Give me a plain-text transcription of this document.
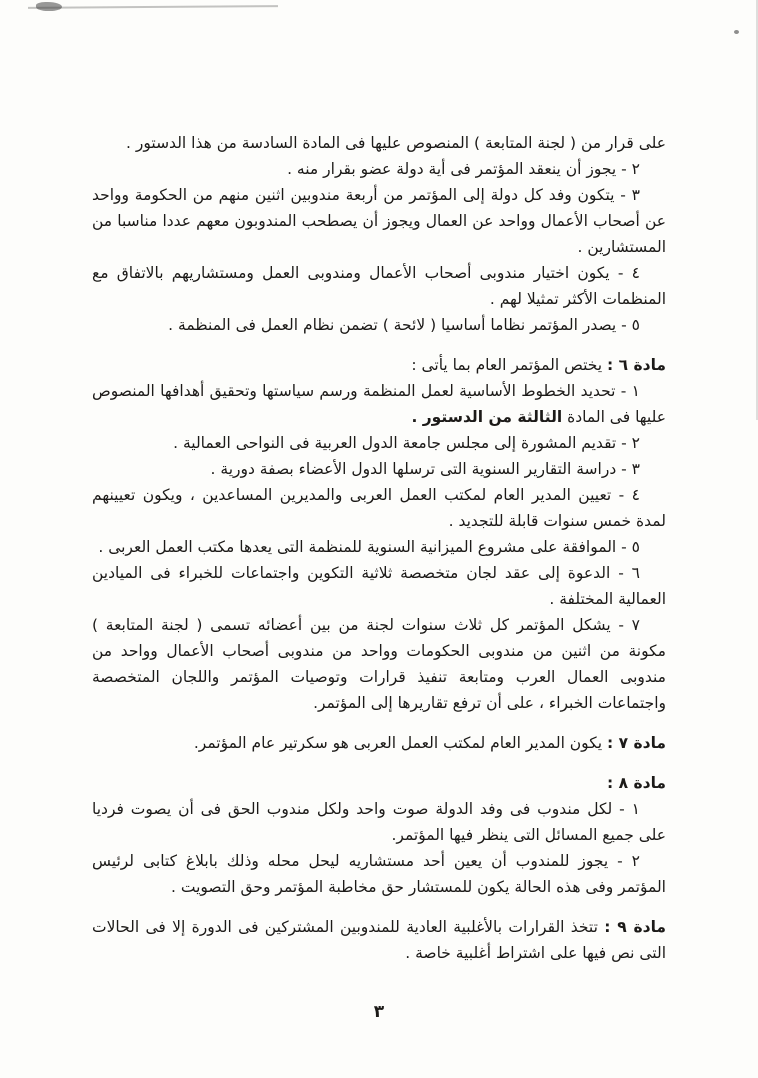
على قرار من ( لجنة المتابعة ) المنصوص عليها فى المادة السادسة من هذا الدستور .

٢ - يجوز أن ينعقد المؤتمر فى أية دولة عضو بقرار منه .

٣ - يتكون وفد كل دولة إلى المؤتمر من أربعة مندوبين اثنين منهم من الحكومة وواحد عن أصحاب الأعمال وواحد عن العمال ويجوز أن يصطحب المندوبون معهم عددا مناسبا من المستشارين .

٤ - يكون اختيار مندوبى أصحاب الأعمال ومندوبى العمل ومستشاريهم بالاتفاق مع المنظمات الأكثر تمثيلا لهم .

٥ - يصدر المؤتمر نظاما أساسيا ( لائحة ) تضمن نظام العمل فى المنظمة .

مادة ٦ : يختص المؤتمر العام بما يأتى :

١ - تحديد الخطوط الأساسية لعمل المنظمة ورسم سياستها وتحقيق أهدافها المنصوص عليها فى المادة الثالثة من الدستور .

٢ - تقديم المشورة إلى مجلس جامعة الدول العربية فى النواحى العمالية .

٣ - دراسة التقارير السنوية التى ترسلها الدول الأعضاء بصفة دورية .

٤ - تعيين المدير العام لمكتب العمل العربى والمديرين المساعدين ، ويكون تعيينهم لمدة خمس سنوات قابلة للتجديد .

٥ - الموافقة على مشروع الميزانية السنوية للمنظمة التى يعدها مكتب العمل العربى .

٦ - الدعوة إلى عقد لجان متخصصة ثلاثية التكوين واجتماعات للخبراء فى الميادين العمالية المختلفة .

٧ - يشكل المؤتمر كل ثلاث سنوات لجنة من بين أعضائه تسمى ( لجنة المتابعة ) مكونة من اثنين من مندوبى الحكومات وواحد من مندوبى أصحاب الأعمال وواحد من مندوبى العمال العرب ومتابعة تنفيذ قرارات وتوصيات المؤتمر واللجان المتخصصة واجتماعات الخبراء ، على أن ترفع تقاريرها إلى المؤتمر.

مادة ٧ : يكون المدير العام لمكتب العمل العربى هو سكرتير عام المؤتمر.

مادة ٨ :

١ - لكل مندوب فى وفد الدولة صوت واحد ولكل مندوب الحق فى أن يصوت فرديا على جميع المسائل التى ينظر فيها المؤتمر.

٢ - يجوز للمندوب أن يعين أحد مستشاريه ليحل محله وذلك بابلاغ كتابى لرئيس المؤتمر وفى هذه الحالة يكون للمستشار حق مخاطبة المؤتمر وحق التصويت .

مادة ٩ : تتخذ القرارات بالأغلبية العادية للمندوبين المشتركين فى الدورة إلا فى الحالات التى نص فيها على اشتراط أغلبية خاصة .

٣
